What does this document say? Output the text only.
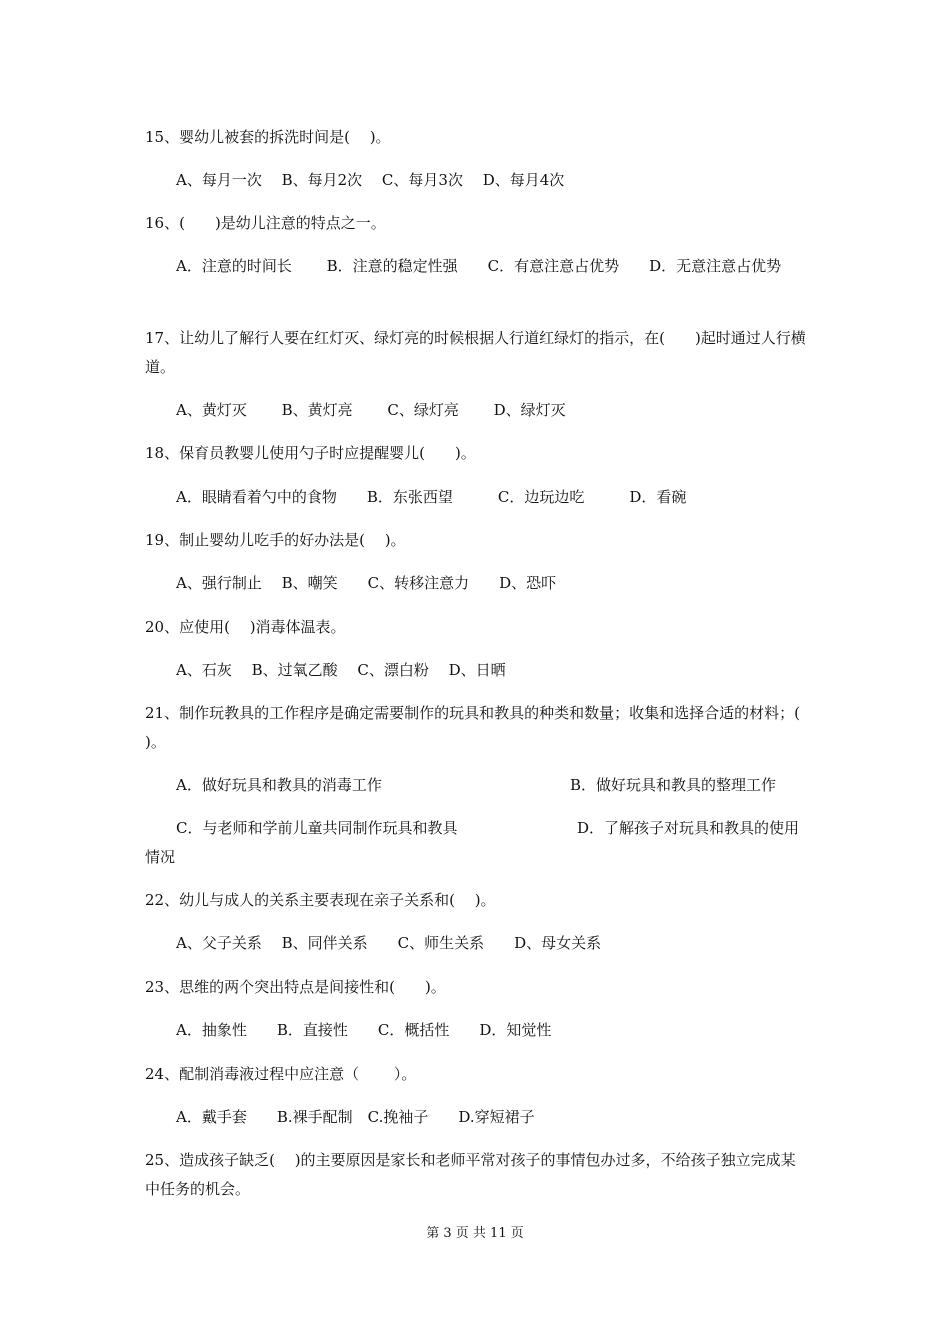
15、婴幼儿被套的拆洗时间是(　 )。
A、每月一次　 B、每月2次　 C、每月3次　 D、每月4次
16、(　　)是幼儿注意的特点之一。
A．注意的时间长　　 B．注意的稳定性强　　C．有意注意占优势　　D．无意注意占优势
17、让幼儿了解行人要在红灯灭、绿灯亮的时候根据人行道红绿灯的指示，在(　　)起时通过人行横道。
A、黄灯灭　　 B、黄灯亮　　 C、绿灯亮　　 D、绿灯灭
18、保育员教婴儿使用勺子时应提醒婴儿(　　)。
A．眼睛看着勺中的食物　　B．东张西望　　　C．边玩边吃　　　D．看碗
19、制止婴幼儿吃手的好办法是(　 )。
A、强行制止　 B、嘲笑　　C、转移注意力　　D、恐吓
20、应使用(　 )消毒体温表。
A、石灰　 B、过氧乙酸　 C、漂白粉　 D、日晒
21、制作玩教具的工作程序是确定需要制作的玩具和教具的种类和数量；收集和选择合适的材料；(　　)。
A．做好玩具和教具的消毒工作	B．做好玩具和教具的整理工作
C．与老师和学前儿童共同制作玩具和教具	D．了解孩子对玩具和教具的使用情况
22、幼儿与成人的关系主要表现在亲子关系和(　 )。
A、父子关系　 B、同伴关系　　C、师生关系　　D、母女关系
23、思维的两个突出特点是间接性和(　　)。
A．抽象性　　B．直接性　　C．概括性　　D．知觉性
24、配制消毒液过程中应注意（　　 ）。
A．戴手套　　B.裸手配制　C.挽袖子　　D.穿短裙子
25、造成孩子缺乏(　 )的主要原因是家长和老师平常对孩子的事情包办过多，不给孩子独立完成某中任务的机会。
第 3 页 共 11 页
